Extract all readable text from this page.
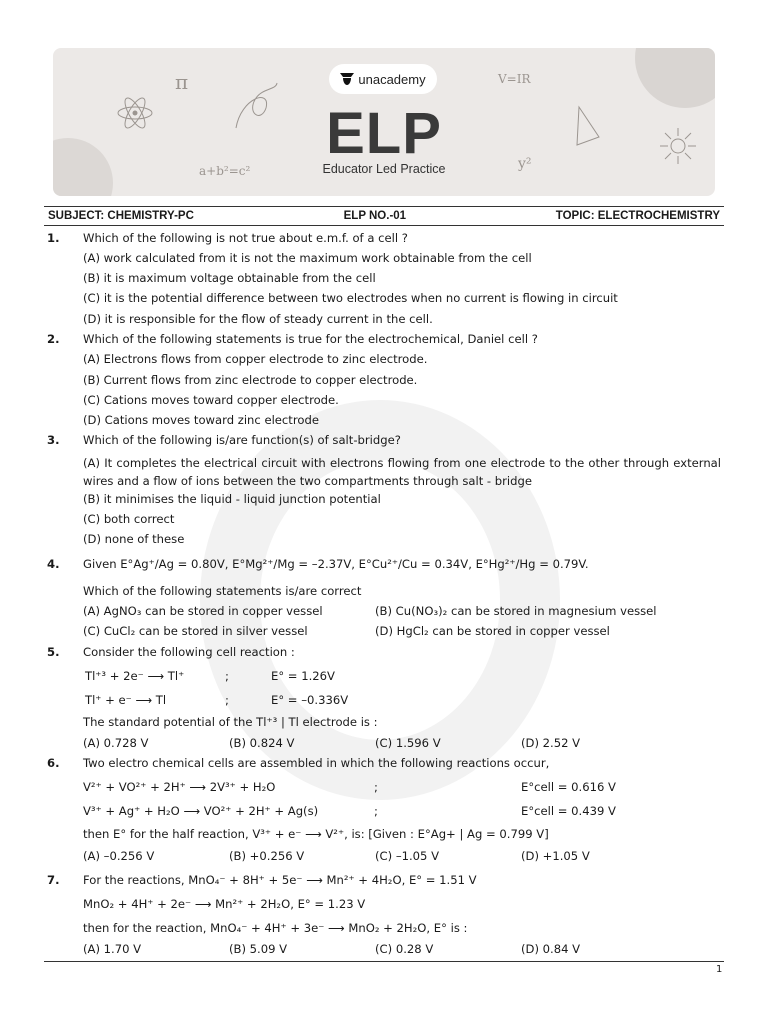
π	V=IR
a+b²=c²	y²
unacademy
ELP
Educator Led Practice
SUBJECT: CHEMISTRY-PC	ELP NO.-01	TOPIC: ELECTROCHEMISTRY
1. Which of the following is not true about e.m.f. of a cell ?
(A) work calculated from it is not the maximum work obtainable from the cell
(B) it is maximum voltage obtainable from the cell
(C) it is the potential difference between two electrodes when no current is flowing in circuit
(D) it is responsible for the flow of steady current in the cell.
2. Which of the following statements is true for the electrochemical, Daniel cell ?
(A) Electrons flows from copper electrode to zinc electrode.
(B) Current flows from zinc electrode to copper electrode.
(C) Cations moves toward copper electrode.
(D) Cations moves toward zinc electrode
3. Which of the following is/are function(s) of salt-bridge?
(A) It completes the electrical circuit with electrons flowing from one electrode to the other through external wires and a flow of ions between the two compartments through salt - bridge
(B) it minimises the liquid - liquid junction potential
(C) both correct
(D) none of these
4. Given E°Ag⁺/Ag = 0.80V, E°Mg²⁺/Mg = –2.37V, E°Cu²⁺/Cu = 0.34V, E°Hg²⁺/Hg = 0.79V.
Which of the following statements is/are correct
(A) AgNO₃ can be stored in copper vessel	(B) Cu(NO₃)₂ can be stored in magnesium vessel
(C) CuCl₂ can be stored in silver vessel	(D) HgCl₂ can be stored in copper vessel
5. Consider the following cell reaction :
Tl⁺³ + 2e⁻ ⟶ Tl⁺	;	E° = 1.26V
Tl⁺ + e⁻ ⟶ Tl	;	E° = –0.336V
The standard potential of the Tl⁺³ | Tl electrode is :
(A) 0.728 V	(B) 0.824 V	(C) 1.596 V	(D) 2.52 V
6. Two electro chemical cells are assembled in which the following reactions occur,
V²⁺ + VO²⁺ + 2H⁺ ⟶ 2V³⁺ + H₂O	;	E°cell = 0.616 V
V³⁺ + Ag⁺ + H₂O ⟶ VO²⁺ + 2H⁺ + Ag(s)	;	E°cell = 0.439 V
then E° for the half reaction, V³⁺ + e⁻ ⟶ V²⁺, is: [Given : E°Ag+ | Ag = 0.799 V]
(A) –0.256 V	(B) +0.256 V	(C) –1.05 V	(D) +1.05 V
7. For the reactions, MnO₄⁻ + 8H⁺ + 5e⁻ ⟶ Mn²⁺ + 4H₂O, E° = 1.51 V
MnO₂ + 4H⁺ + 2e⁻ ⟶ Mn²⁺ + 2H₂O, E° = 1.23 V
then for the reaction, MnO₄⁻ + 4H⁺ + 3e⁻ ⟶ MnO₂ + 2H₂O, E° is :
(A) 1.70 V	(B) 5.09 V	(C) 0.28 V	(D) 0.84 V
1
